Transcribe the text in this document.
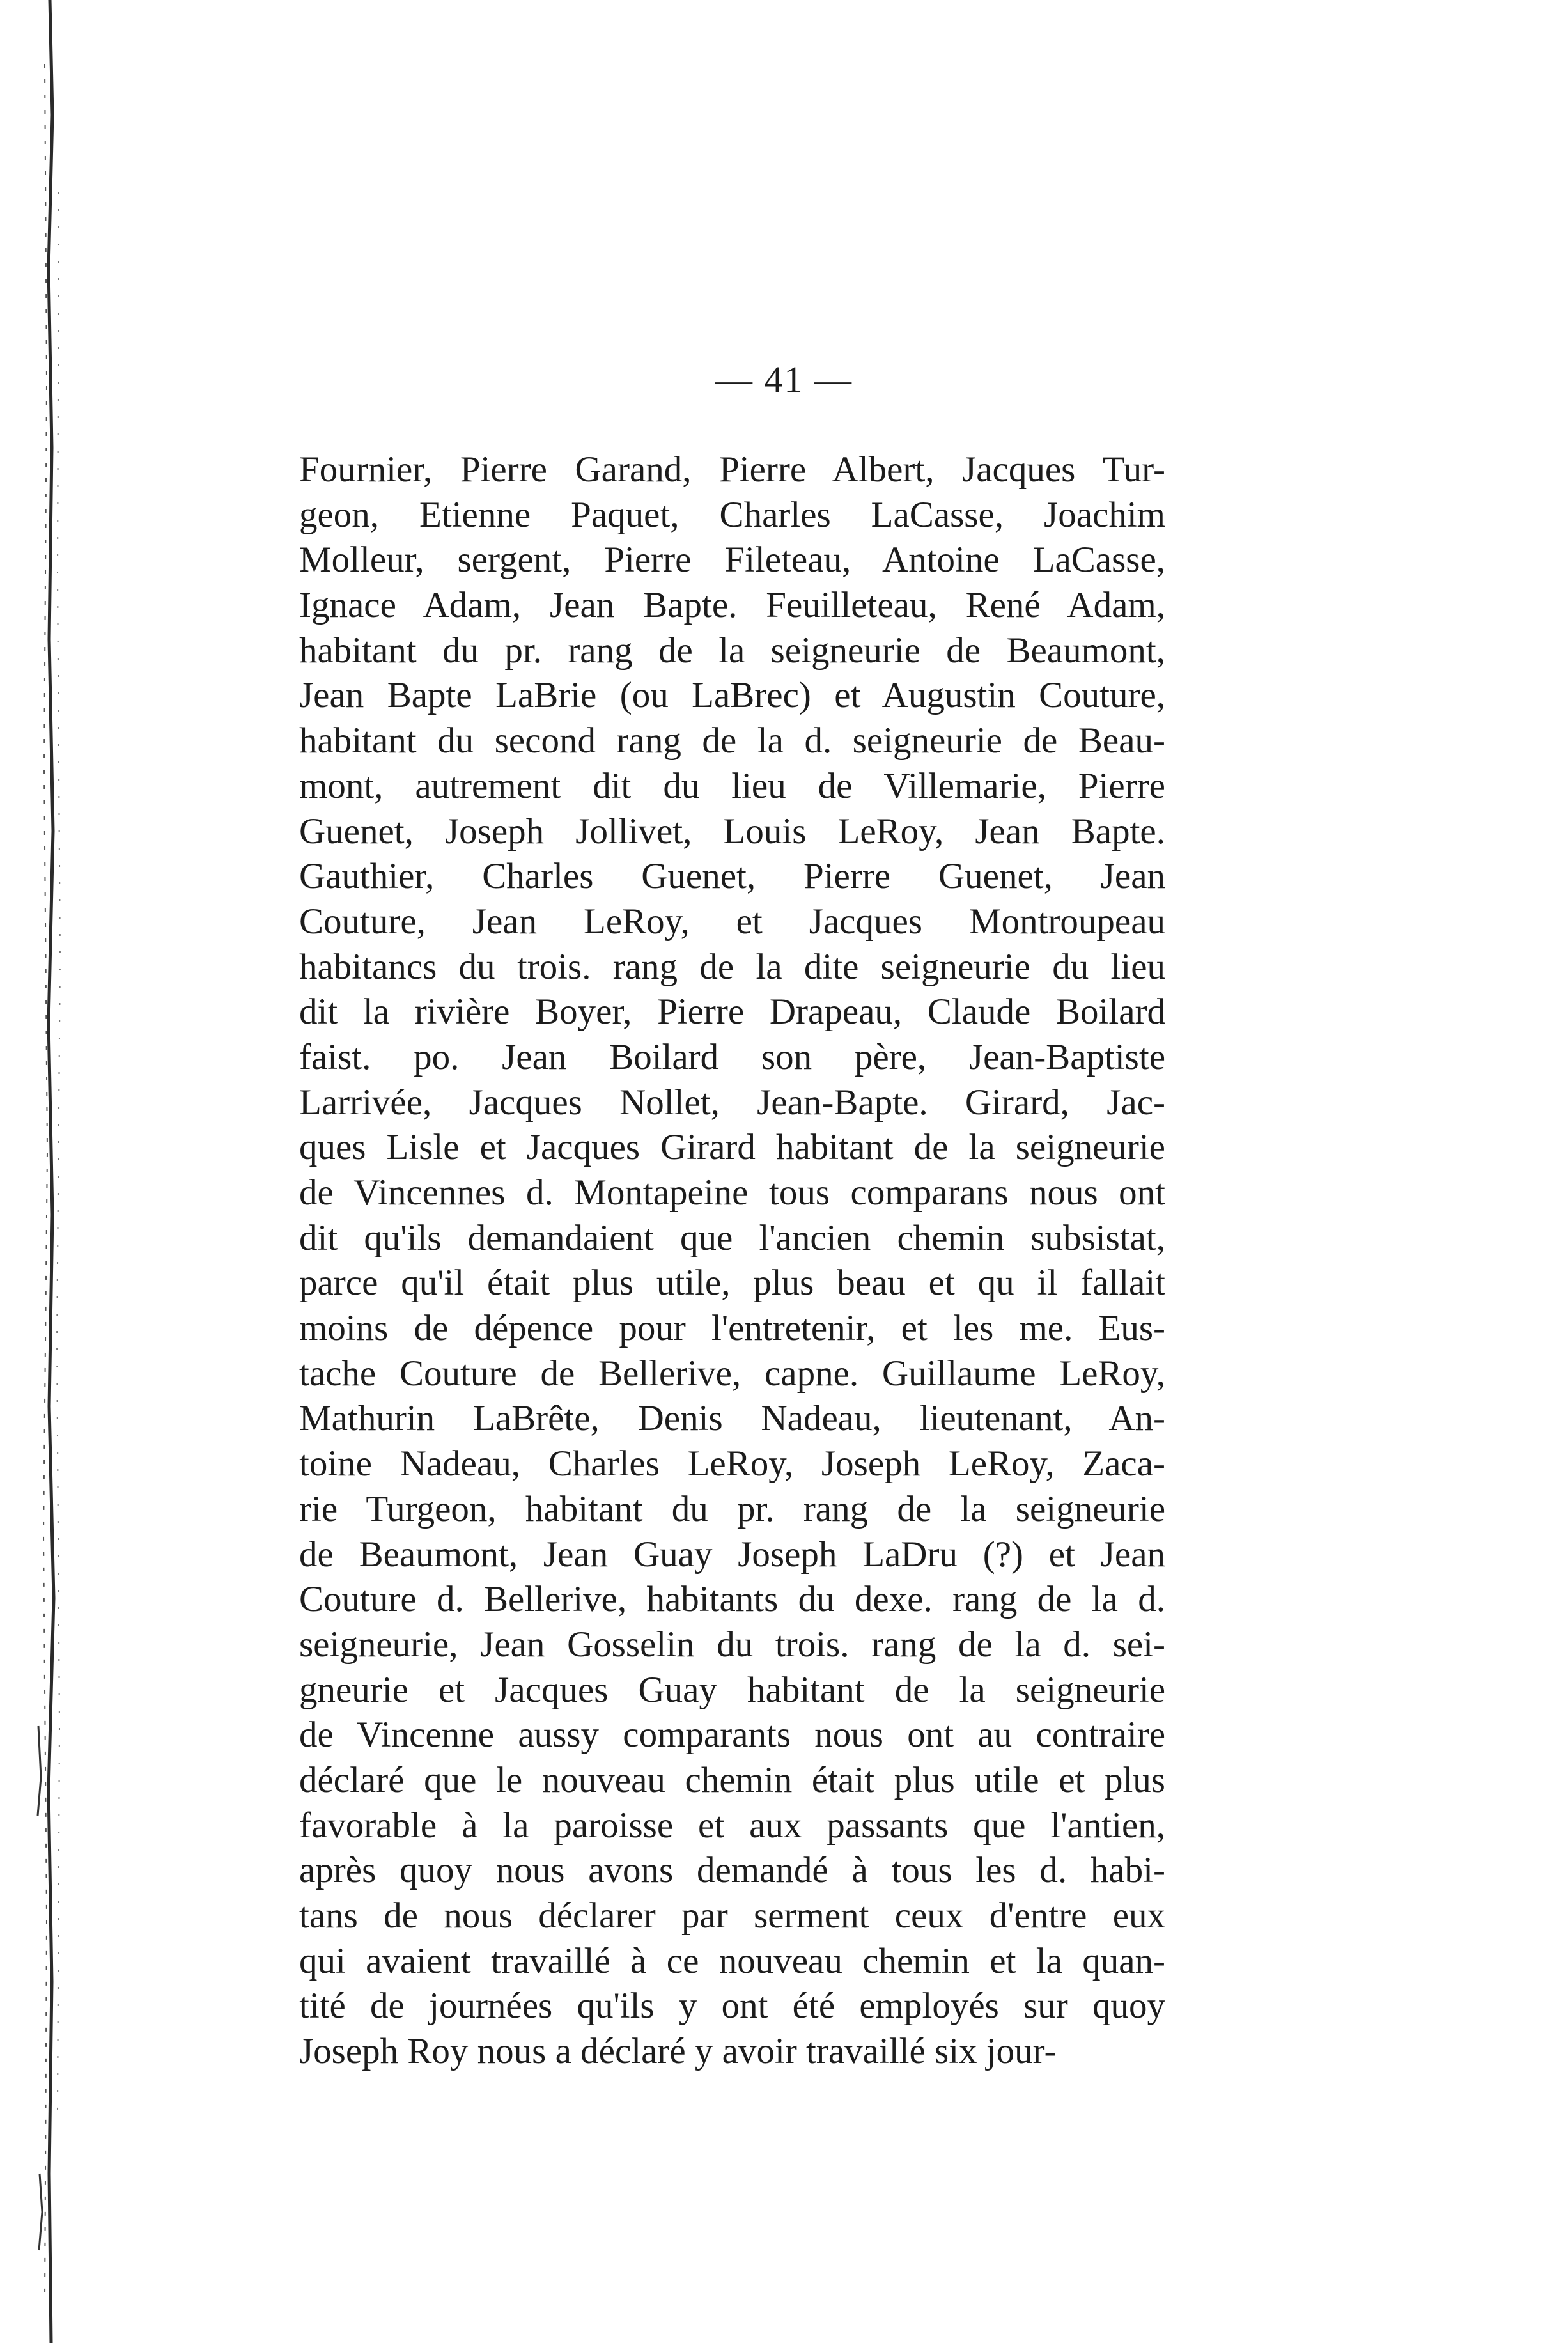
— 41 —
Fournier, Pierre Garand, Pierre Albert, Jacques Tur-
geon, Etienne Paquet, Charles LaCasse, Joachim
Molleur, sergent, Pierre Fileteau, Antoine LaCasse,
Ignace Adam, Jean Bapte. Feuilleteau, René Adam,
habitant du pr. rang de la seigneurie de Beaumont,
Jean Bapte LaBrie (ou LaBrec) et Augustin Couture,
habitant du second rang de la d. seigneurie de Beau-
mont, autrement dit du lieu de Villemarie, Pierre
Guenet, Joseph Jollivet, Louis LeRoy, Jean Bapte.
Gauthier, Charles Guenet, Pierre Guenet, Jean
Couture, Jean LeRoy, et Jacques Montroupeau
habitancs du trois. rang de la dite seigneurie du lieu
dit la rivière Boyer, Pierre Drapeau, Claude Boilard
faist. po. Jean Boilard son père, Jean-Baptiste
Larrivée, Jacques Nollet, Jean-Bapte. Girard, Jac-
ques Lisle et Jacques Girard habitant de la seigneurie
de Vincennes d. Montapeine tous comparans nous ont
dit qu'ils demandaient que l'ancien chemin subsistat,
parce qu'il était plus utile, plus beau et qu il fallait
moins de dépence pour l'entretenir, et les me. Eus-
tache Couture de Bellerive, capne. Guillaume LeRoy,
Mathurin LaBrête, Denis Nadeau, lieutenant, An-
toine Nadeau, Charles LeRoy, Joseph LeRoy, Zaca-
rie Turgeon, habitant du pr. rang de la seigneurie
de Beaumont, Jean Guay Joseph LaDru (?) et Jean
Couture d. Bellerive, habitants du dexe. rang de la d.
seigneurie, Jean Gosselin du trois. rang de la d. sei-
gneurie et Jacques Guay habitant de la seigneurie
de Vincenne aussy comparants nous ont au contraire
déclaré que le nouveau chemin était plus utile et plus
favorable à la paroisse et aux passants que l'antien,
après quoy nous avons demandé à tous les d. habi-
tans de nous déclarer par serment ceux d'entre eux
qui avaient travaillé à ce nouveau chemin et la quan-
tité de journées qu'ils y ont été employés sur quoy
Joseph Roy nous a déclaré y avoir travaillé six jour-
